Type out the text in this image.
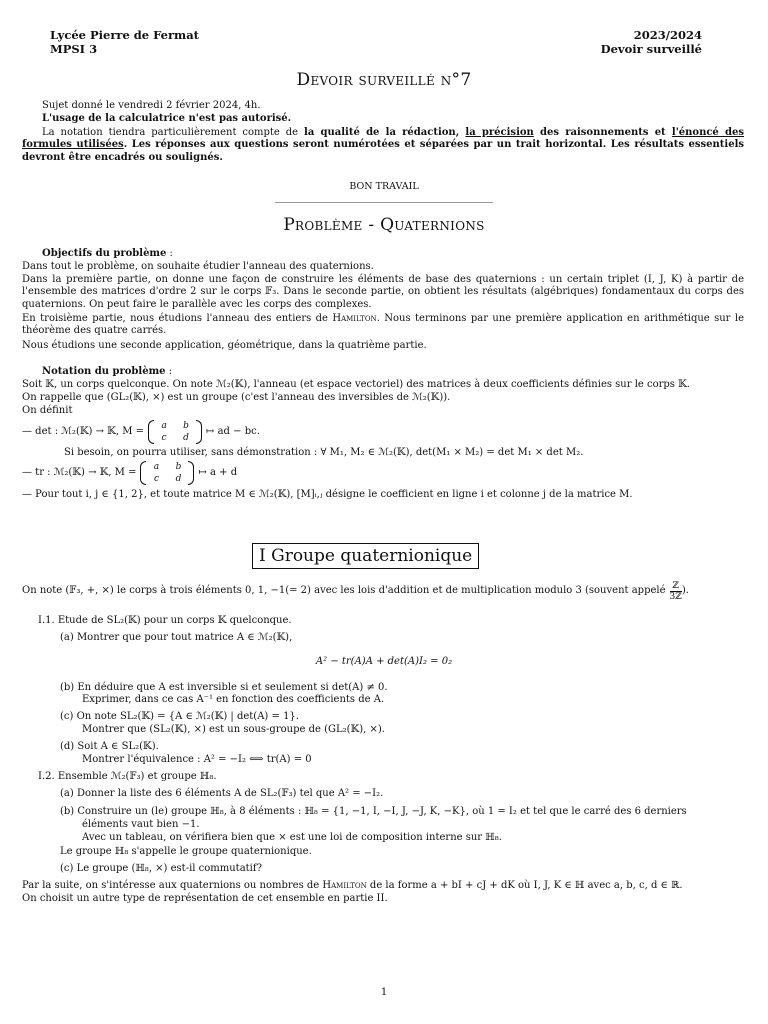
Lycée Pierre de Fermat	2023/2024
MPSI 3	Devoir surveillé
Devoir surveillé n°7
Sujet donné le vendredi 2 février 2024, 4h.
L'usage de la calculatrice n'est pas autorisé.
La notation tiendra particulièrement compte de la qualité de la rédaction, la précision des raisonnements et l'énoncé des formules utilisées. Les réponses aux questions seront numérotées et séparées par un trait horizontal. Les résultats essentiels devront être encadrés ou soulignés.
BON TRAVAIL
Problème - Quaternions
Objectifs du problème :
Dans tout le problème, on souhaite étudier l'anneau des quaternions.
Dans la première partie, on donne une façon de construire les éléments de base des quaternions : un certain triplet (I, J, K) à partir de l'ensemble des matrices d'ordre 2 sur le corps 𝔽₃. Dans le seconde partie, on obtient les résultats (algébriques) fondamentaux du corps des quaternions. On peut faire le parallèle avec les corps des complexes.
En troisième partie, nous étudions l'anneau des entiers de Hamilton. Nous terminons par une première application en arithmétique sur le théorème des quatre carrés.
Nous étudions une seconde application, géométrique, dans la quatrième partie.
Notation du problème :
Soit 𝕂, un corps quelconque. On note ℳ₂(𝕂), l'anneau (et espace vectoriel) des matrices à deux coefficients définies sur le corps 𝕂.
On rappelle que (GL₂(𝕂), ×) est un groupe (c'est l'anneau des inversibles de ℳ₂(𝕂)).
On définit
— det : ℳ₂(𝕂) → 𝕂, M =	a b
c d
↦ ad − bc.
Si besoin, on pourra utiliser, sans démonstration : ∀ M₁, M₂ ∈ ℳ₂(𝕂), det(M₁ × M₂) = det M₁ × det M₂.
— tr : ℳ₂(𝕂) → 𝕂, M =	a b
c d
↦ a + d
— Pour tout i, j ∈ {1, 2}, et toute matrice M ∈ ℳ₂(𝕂), [M]ᵢ,ⱼ désigne le coefficient en ligne i et colonne j de la matrice M.
I Groupe quaternionique
On note (𝔽₃, +, ×) le corps à trois éléments 0, 1, −1(= 2) avec les lois d'addition et de multiplication modulo 3 (souvent appelé $\frac{\text{ℤ}}{\text{3ℤ}}$ ).
I.1. Etude de SL₂(𝕂) pour un corps 𝕂 quelconque.
(a) Montrer que pour tout matrice A ∈ ℳ₂(𝕂),
A² − tr(A)A + det(A)I₂ = 0₂
(b) En déduire que A est inversible si et seulement si det(A) ≠ 0.
Exprimer, dans ce cas A⁻¹ en fonction des coefficients de A.
(c) On note SL₂(𝕂) = {A ∈ ℳ₂(𝕂) | det(A) = 1}.
Montrer que (SL₂(𝕂), ×) est un sous-groupe de (GL₂(𝕂), ×).
(d) Soit A ∈ SL₂(𝕂).
Montrer l'équivalence : A² = −I₂ ⟺ tr(A) = 0
I.2. Ensemble ℳ₂(𝔽₃) et groupe ℍ₈.
(a) Donner la liste des 6 éléments A de SL₂(𝔽₃) tel que A² = −I₂.
(b) Construire un (le) groupe ℍ₈, à 8 éléments : ℍ₈ = {1, −1, I, −I, J, −J, K, −K}, où 1 = I₂ et tel que le carré des 6 derniers
éléments vaut bien −1.
Avec un tableau, on vérifiera bien que × est une loi de composition interne sur ℍ₈.
Le groupe ℍ₈ s'appelle le groupe quaternionique.
(c) Le groupe (ℍ₈, ×) est-il commutatif?
Par la suite, on s'intéresse aux quaternions ou nombres de Hamilton de la forme a + bI + cJ + dK où I, J, K ∈ ℍ avec a, b, c, d ∈ ℝ.
On choisit un autre type de représentation de cet ensemble en partie II.
1
